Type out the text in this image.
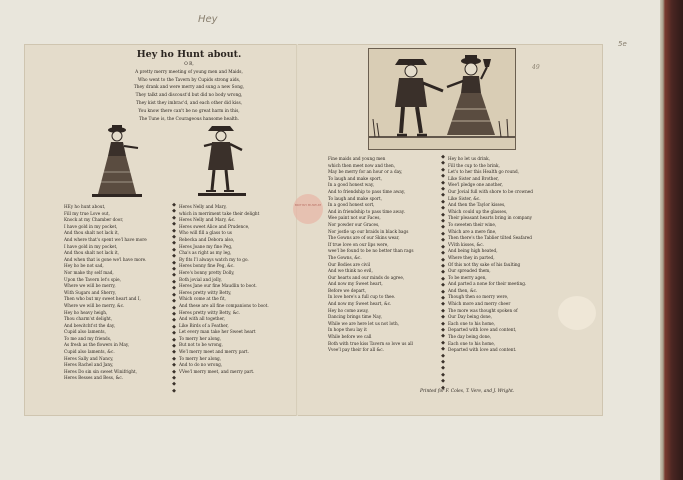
Hey
5e

Hey ho Hunt about.

O R,
A pretty merry meeting of young men and Maids,
Who went to the Tavern by Cupids strong aids,
They drank and were merry and sung a new Song,
They talkt and discoust'd but did no body wrong,
They kist they imbrac'd, and each other did kiss,
You know there can't be no great harm in this,
The Tune is, the Courageous hansome health.
49
BRITISH MUSEUM
◆
◆
◆
◆
◆
◆
◆
◆
◆
◆
◆
◆
◆
◆
◆
◆
◆
◆
◆
◆
◆
◆
◆
◆
◆
◆
◆
◆
◆
◆
◆
◆
◆
◆
◆
◆
◆
◆
◆
◆
◆
◆
◆
◆
◆
◆
◆
◆
◆
◆
◆
◆
◆
◆
◆
◆
◆
◆
◆
◆
◆
◆
◆
◆
◆
◆
◆
HEy ho hunt about,
Fill my true Love out,
Knock at my Chamber door,
I have gold in my pocket,
And thou shalt not lack it,
And where that's spent we'l have more
I have gold in my pocket,
And thou shalt not lack it,
And when that is gone we'l have more.
Hey ho be not sad,
Nor make thy self mad,
Upon the Tavern let's spie,
Where we will be merry,
With Sugars and Sherry,
Then who but my sweet heart and I,
Where we will be merry, &c.
Hey ho heavy heigh,
Thou charm'st delight,
And bewitcht'st the day,
Cupid also laments,
To me and my friends,
As fresh as the flowers in May,
Cupid also laments, &c.
Heres Sally and Nancy,
Heres Rachel and Jany,
Heres Do sin sin sweet Winifright,
Heres Besses and Bess, &c.
Heres Nelly and Mary,
which in merriment take their delight
Heres Nelly and Mary, &c.
Heres sweet Alice and Prudence,
Who will fill a glass to us
Rebecka and Debora also,
Heres Joane my fine Peg,
Cha's as right as my leg,
By fits I'l always watch my to go.
Heres bonny fine Peg, &c.
Here's bonny pretty Dolly,
Both jovial and jolly,
Heres Jane our fine Maudlin to boot.
Heres pretty witty Betty,
Which come at the fit,
And these are all fine companions to boot.
Heres pretty witty Betty, &c.
And with all together,
Like Birds of a Feather,
Let every man take her Sweet heart
To merry her along,
But not to be wrong,
We'l merry meet and merry part.
To merry her along,
And to do no wrong,
VVee'l merry meet, and merry part.
Fine maids and young men
which then meet now and then,
May be merry for an hour or a day,
To laugh and make sport,
In a good honest way,
And to friendship to pass time away,
To laugh and make sport,
In a good honest sort,
And in friendship to pass time away.
Wee paint not our Faces,
Nor powder our Graces,
Nor jostle up our braids in black bags
The Gowns are of our Skins wear,
If true love on our lips were,
wee'l be found to be no better than rags
The Gowns, &c.
Our Bodies are civil
And we think no evil,
Our hearts and our minds do agree,
And now my Sweet heart,
Before we depart,
In love here's a full cup to thee.
And now my Sweet heart, &c.
Hey ho come away,
Dancing brings time Nay,
While we are here let us not loth,
In hope thou lay it
While before we call
Both with true kiss Tavern so love us all
Vvee'l pay their for all &c.
Hey ho let us drink,
Fill the cup to the brink,
Let's to her this Health go round,
Like Sister and Brother,
Wee'l pledge one another,
Our Jovial full with shore to be crowned
Like Sister, &c.
And then the Taylor kisses,
Which could up the glasses,
Their pleasant hearts bring in company
To sweeten their wine,
Which are a mere fine,
Then there's the Tablier tilted Seafared
VVith kisses, &c.
And being high heated,
Where they in parted,
Of this not thy sake of his faulting
Our spreaded them,
To be merry agen,
And parted a none for their meeting.
And then, &c.
Though then so merry were,
Which more and merry cheer
The more was thought spoken of
Our Day being done,
Each one to his home,
Departed with love and content,
The day being done,
Each one to his home,
Departed with love and content.
Printed for F. Coles, T. Vere, and J. Wright.
